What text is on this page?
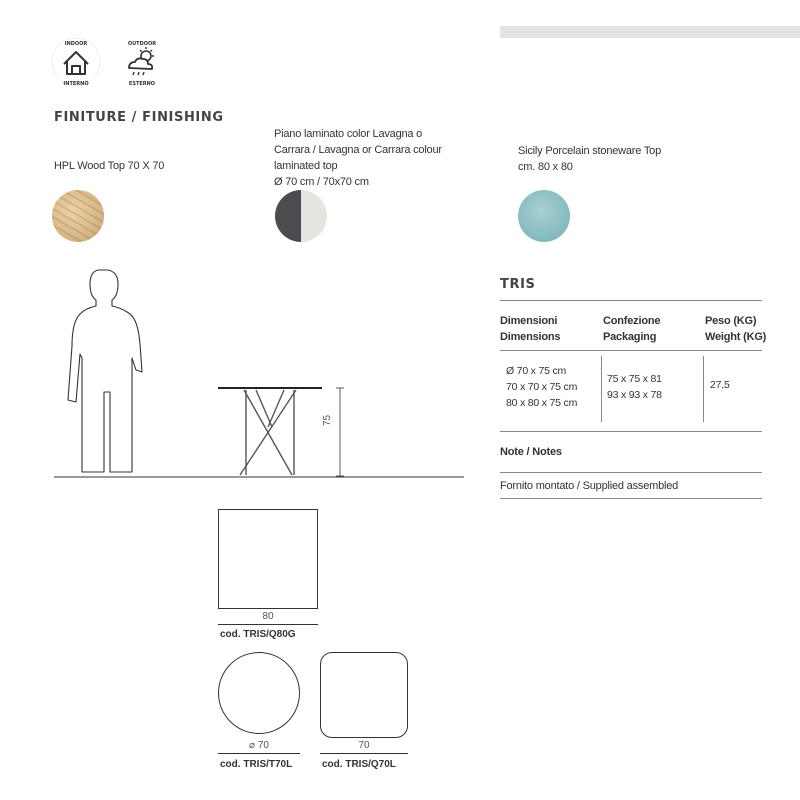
INDOOR
INTERNO
OUTDOOR
ESTERNO
FINITURE / FINISHING
HPL Wood Top 70 X 70
Piano laminato color Lavagna o
Carrara / Lavagna or Carrara colour
laminated top
Ø 70 cm / 70x70 cm
Sicily Porcelain stoneware Top
cm. 80 x 80
TRIS
Dimensioni
Dimensions
Confezione
Packaging
Peso (KG)
Weight (KG)
Ø 70 x 75 cm
70 x 70 x 75 cm
80 x 80 x 75 cm
75 x 75 x 81
93 x 93 x 78
27,5
Note / Notes
Fornito montato / Supplied assembled
75
80
cod. TRIS/Q80G
⌀ 70
cod. TRIS/T70L
70
cod. TRIS/Q70L
